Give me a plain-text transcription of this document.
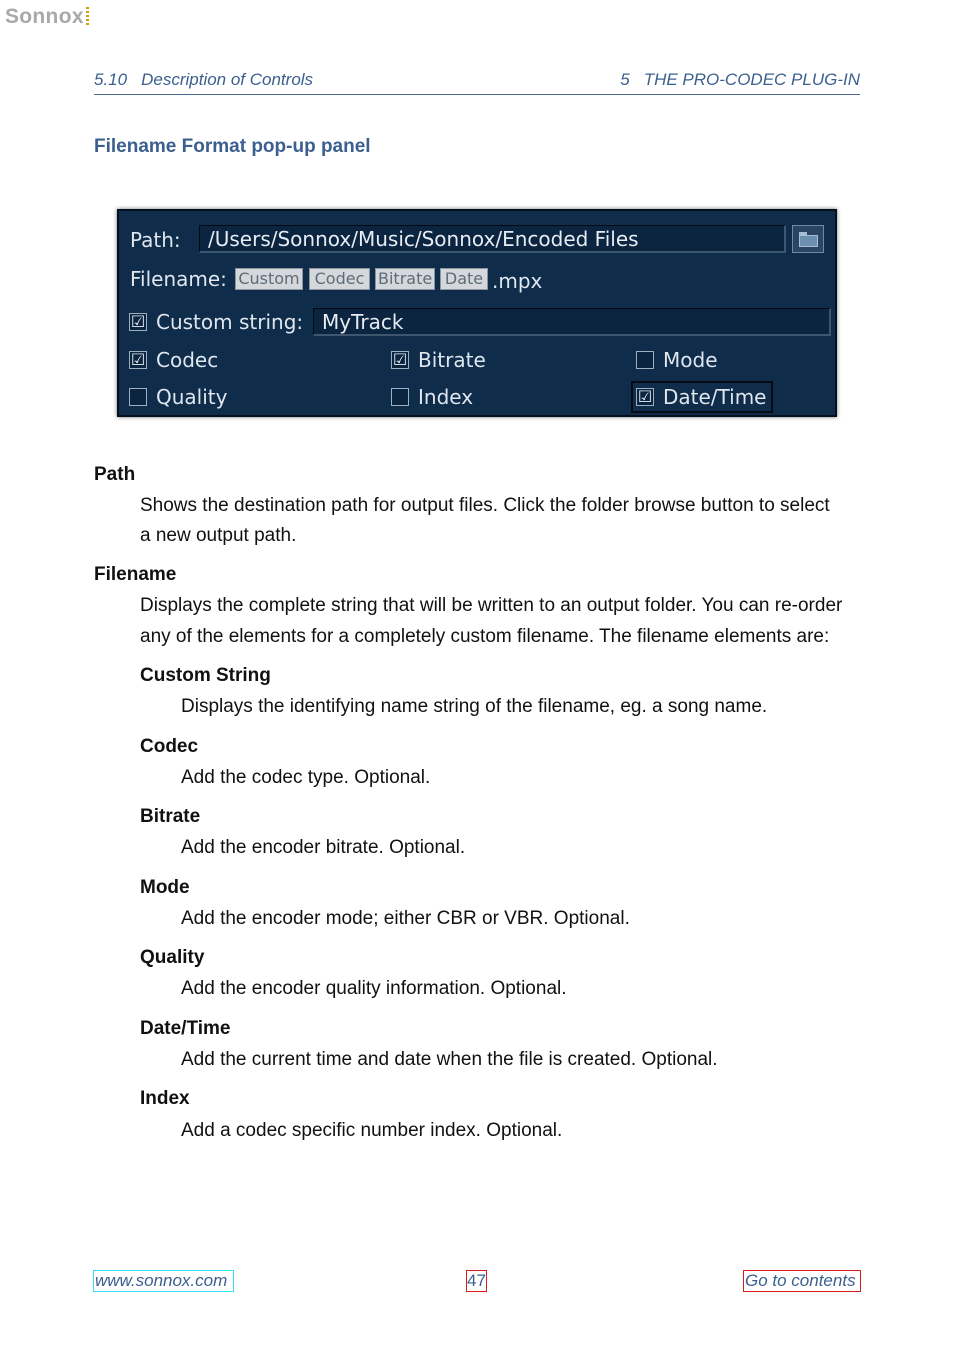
Sonnox
5.10 Description of Controls	5 THE PRO-CODEC PLUG-IN
Filename Format pop-up panel
Path:	/Users/Sonnox/Music/Sonnox/Encoded Files
Filename: Custom Codec Bitrate Date .mpx
☑ Custom string: MyTrack
☑ Codec	☑ Bitrate	Mode
Quality	Index	☑ Date/Time
Path
Shows the destination path for output files. Click the folder browse button to select
a new output path.
Filename
Displays the complete string that will be written to an output folder. You can re-order
any of the elements for a completely custom filename. The filename elements are:
Custom String
Displays the identifying name string of the filename, eg. a song name.
Codec
Add the codec type. Optional.
Bitrate
Add the encoder bitrate. Optional.
Mode
Add the encoder mode; either CBR or VBR. Optional.
Quality
Add the encoder quality information. Optional.
Date/Time
Add the current time and date when the file is created. Optional.
Index
Add a codec specific number index. Optional.
www.sonnox.com	47	Go to contents
